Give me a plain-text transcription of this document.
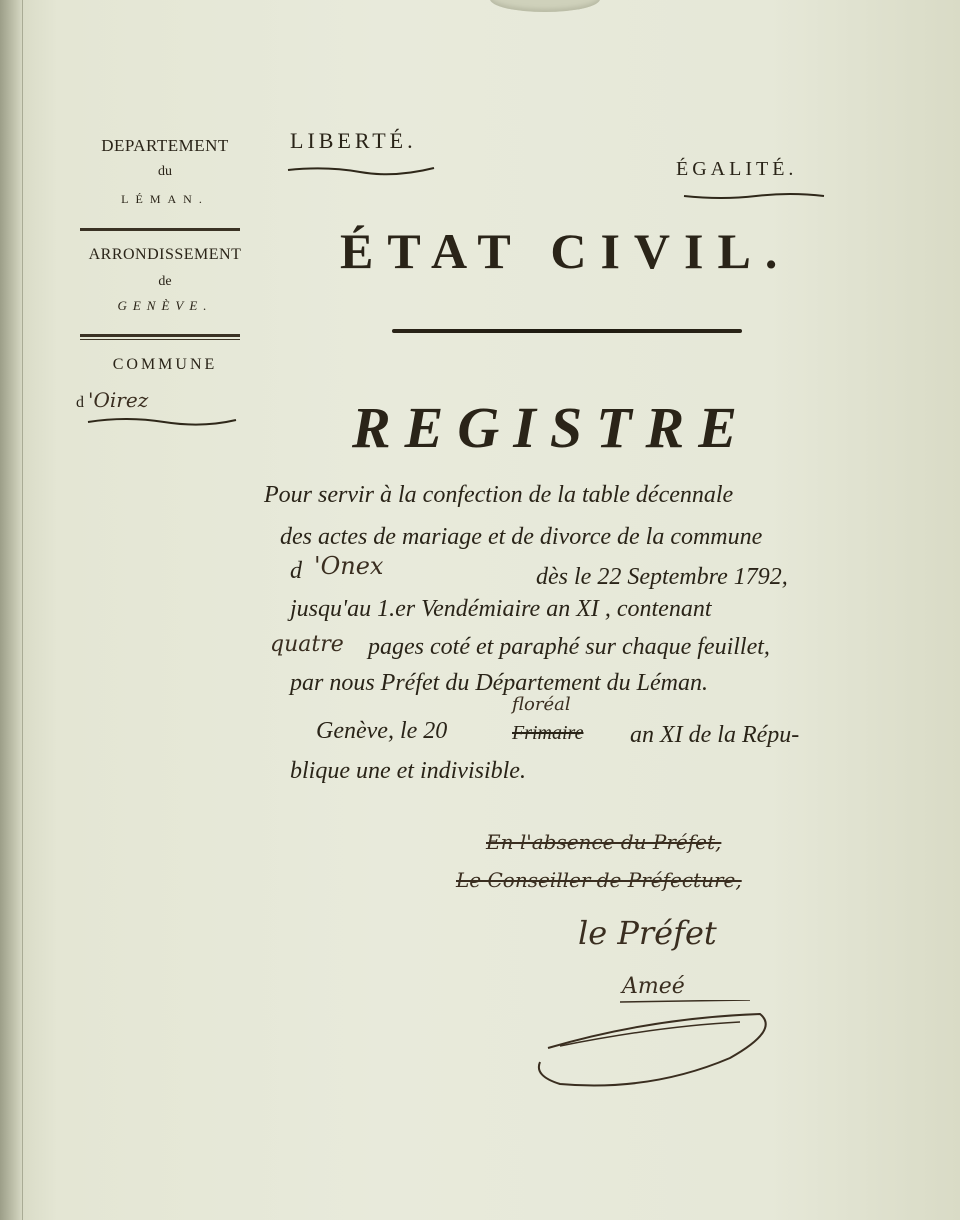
DEPARTEMENT
du
LÉMAN.
ARRONDISSEMENT
de
GENÈVE.
COMMUNE
d 'Oirez
LIBERTÉ.
ÉGALITÉ.
ÉTAT CIVIL.
REGISTRE
Pour servir à la confection de la table décennale
des actes de mariage et de divorce de la commune
d 'Onex	dès le 22 Septembre 1792,
jusqu'au 1.er Vendémiaire an XI , contenant
quatre pages coté et paraphé sur chaque feuillet,
par nous Préfet du Département du Léman.
Genève, le 20
floréal
Frimaire an XI de la Répu-
blique une et indivisible.
En l'absence du Préfet,
Le Conseiller de Préfecture,
le Préfet
Ameé
